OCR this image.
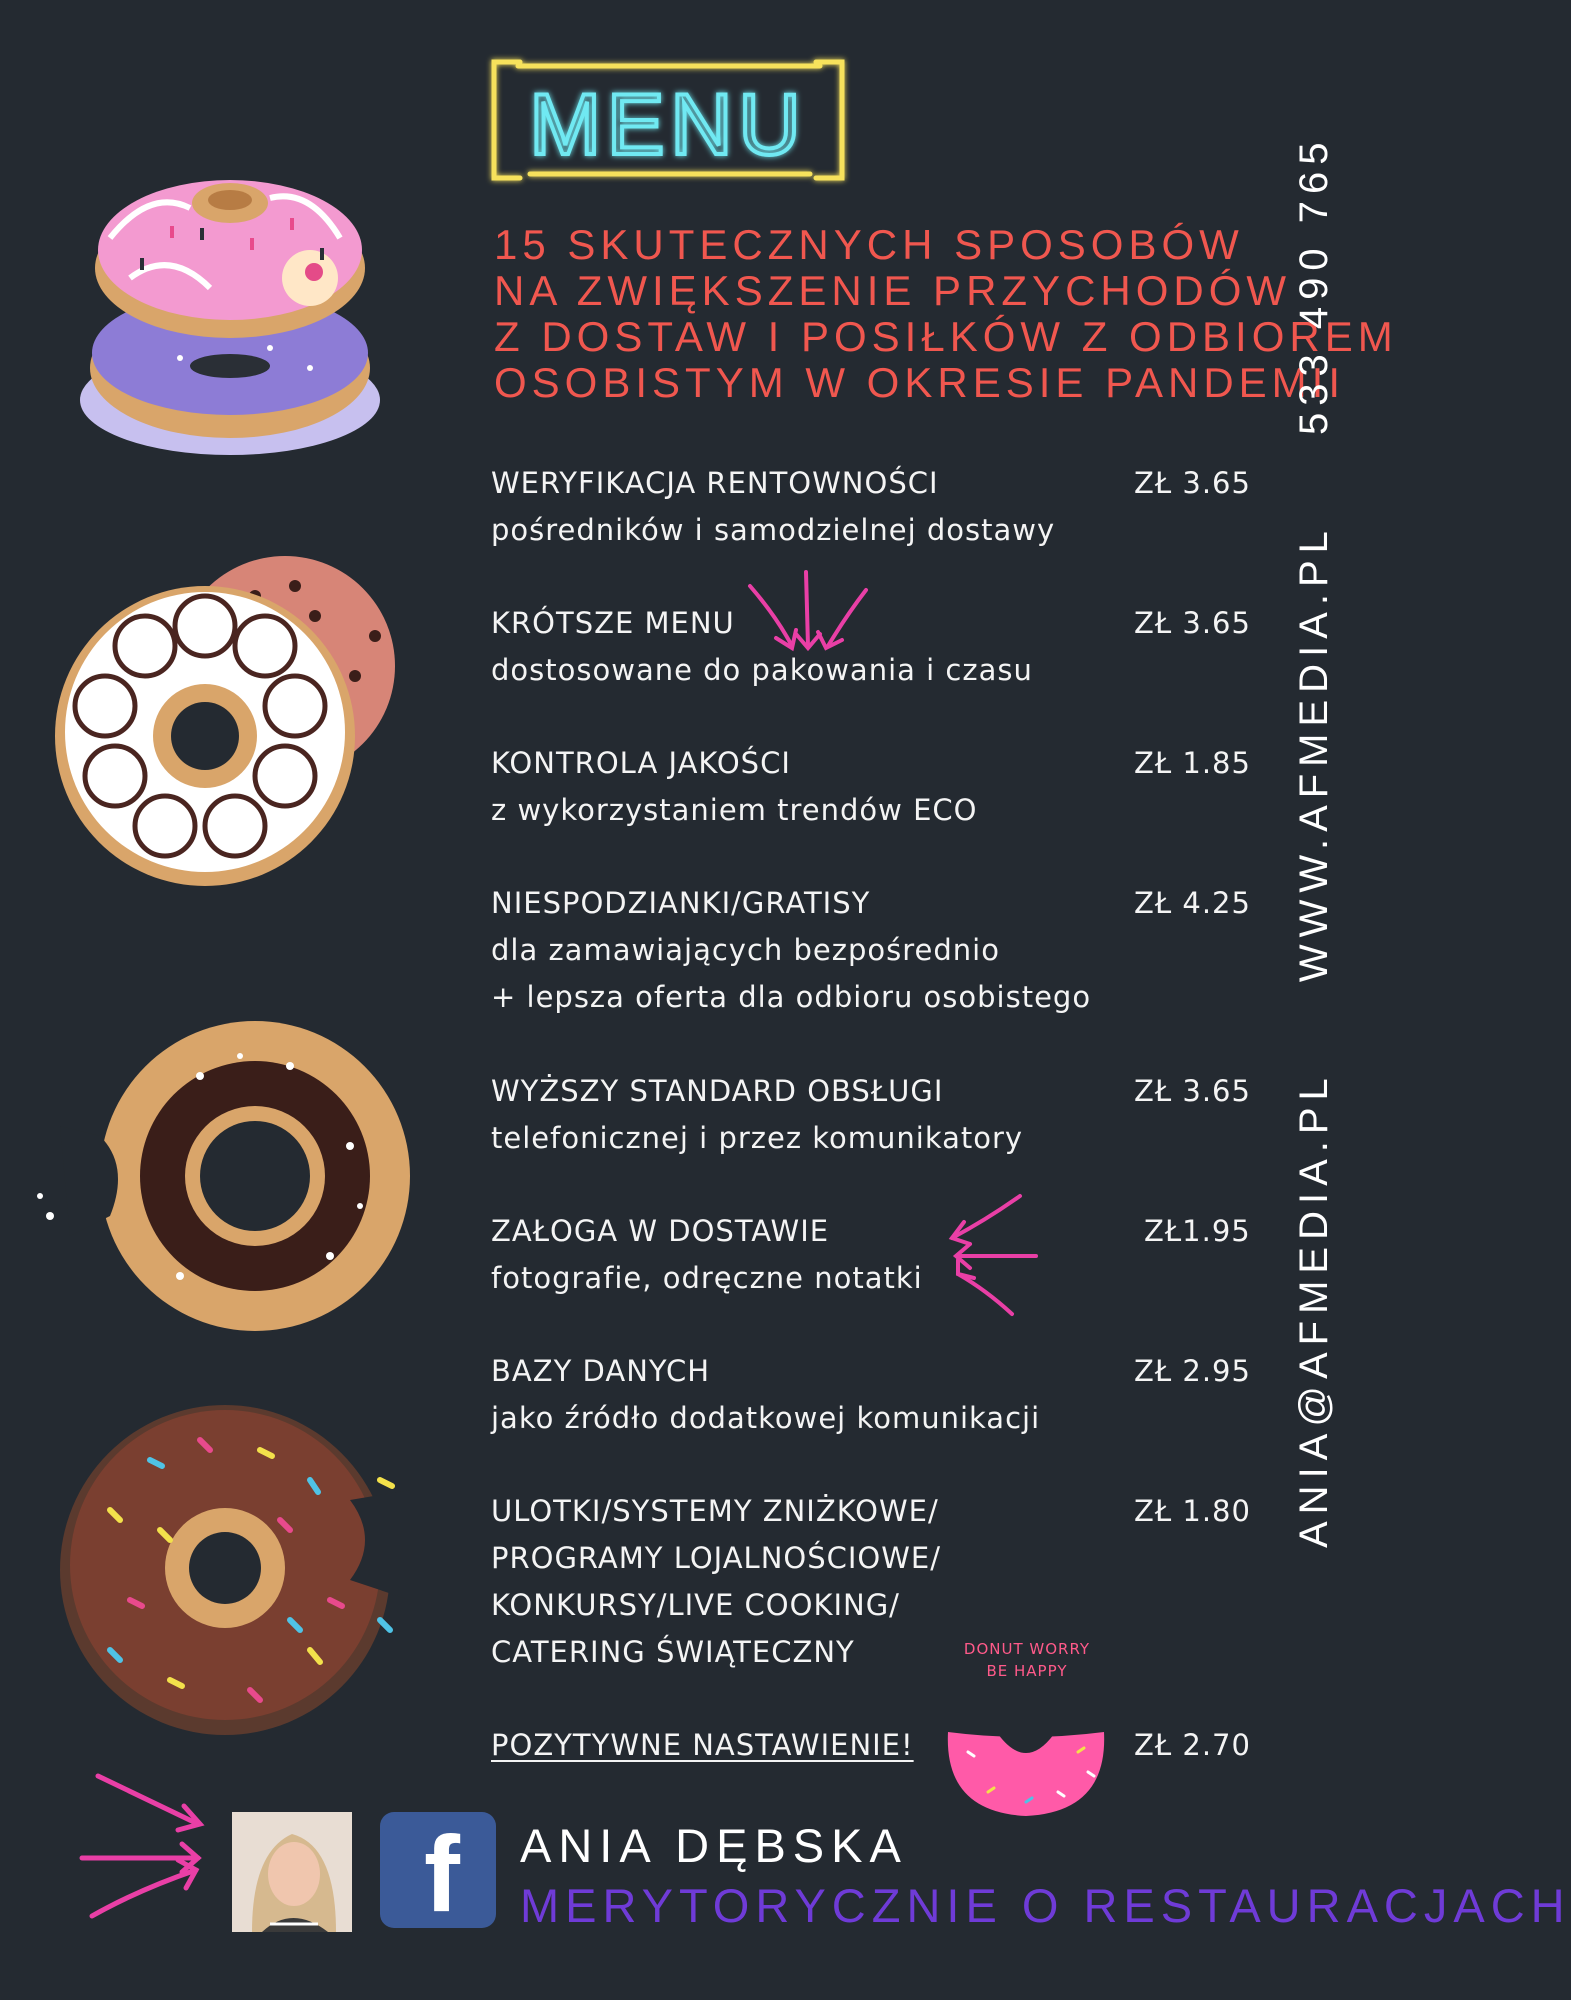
MENU
15 SKUTECZNYCH SPOSOBÓW
NA ZWIĘKSZENIE PRZYCHODÓW
Z DOSTAW I POSIŁKÓW Z ODBIOREM
OSOBISTYM W OKRESIE PANDEMII
WERYFIKACJA RENTOWNOŚCI
pośredników i samodzielnej dostawy
ZŁ 3.65
KRÓTSZE MENU
dostosowane do pakowania i czasu
ZŁ 3.65
KONTROLA JAKOŚCI
z wykorzystaniem trendów ECO
ZŁ 1.85
NIESPODZIANKI/GRATISY
dla zamawiających bezpośrednio
+ lepsza oferta dla odbioru osobistego
ZŁ 4.25
WYŻSZY STANDARD OBSŁUGI
telefonicznej i przez komunikatory
ZŁ 3.65
ZAŁOGA W DOSTAWIE
fotografie, odręczne notatki
ZŁ1.95
BAZY DANYCH
jako źródło dodatkowej komunikacji
ZŁ 2.95
ULOTKI/SYSTEMY ZNIŻKOWE/
PROGRAMY LOJALNOŚCIOWE/
KONKURSY/LIVE COOKING/
CATERING ŚWIĄTECZNY
ZŁ 1.80
POZYTYWNE NASTAWIENIE!	ZŁ 2.70
DONUT WORRY
BE HAPPY
ANIA@AFMEDIA.PL     WWW.AFMEDIA.PL     533 490 765
f ANIA DĘBSKA
MERYTORYCZNIE O RESTAURACJACH
